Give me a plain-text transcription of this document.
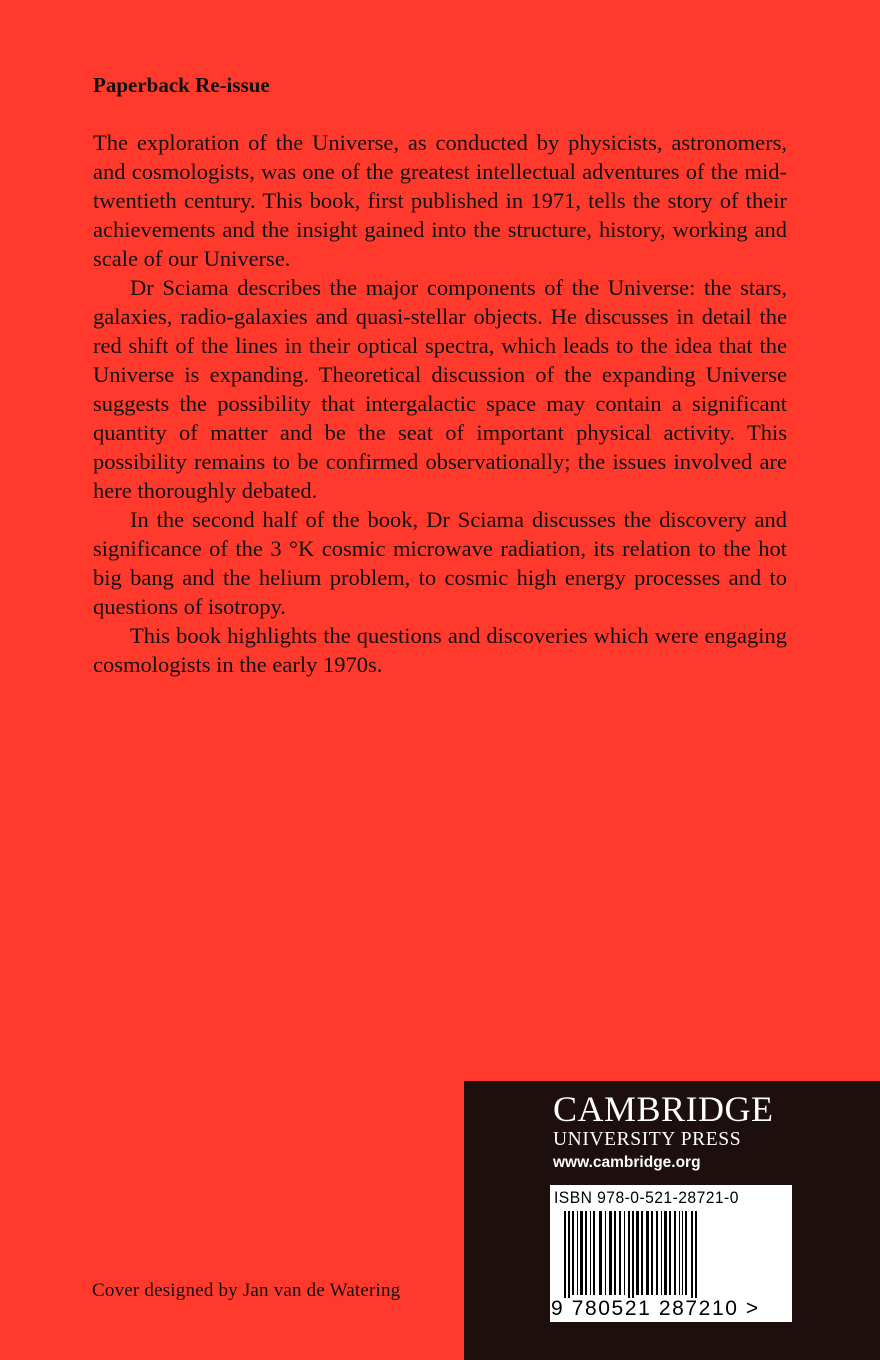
Paperback Re-issue

The exploration of the Universe, as conducted by physicists, astronomers, and cosmologists, was one of the greatest intellectual adventures of the mid-twentieth century. This book, first published in 1971, tells the story of their achievements and the insight gained into the structure, history, working and scale of our Universe.

Dr Sciama describes the major components of the Universe: the stars, galaxies, radio-galaxies and quasi-stellar objects. He discusses in detail the red shift of the lines in their optical spectra, which leads to the idea that the Universe is expanding. Theoretical discussion of the expanding Universe suggests the possibility that intergalactic space may contain a significant quantity of matter and be the seat of important physical activity. This possibility remains to be confirmed observationally; the issues involved are here thoroughly debated.

In the second half of the book, Dr Sciama discusses the discovery and significance of the 3 °K cosmic microwave radiation, its relation to the hot big bang and the helium problem, to cosmic high energy processes and to questions of isotropy.

This book highlights the questions and discoveries which were engaging cosmologists in the early 1970s.

Cover designed by Jan van de Watering
CAMBRIDGE
UNIVERSITY PRESS
www.cambridge.org
ISBN 978-0-521-28721-0
9 780521 287210 >
